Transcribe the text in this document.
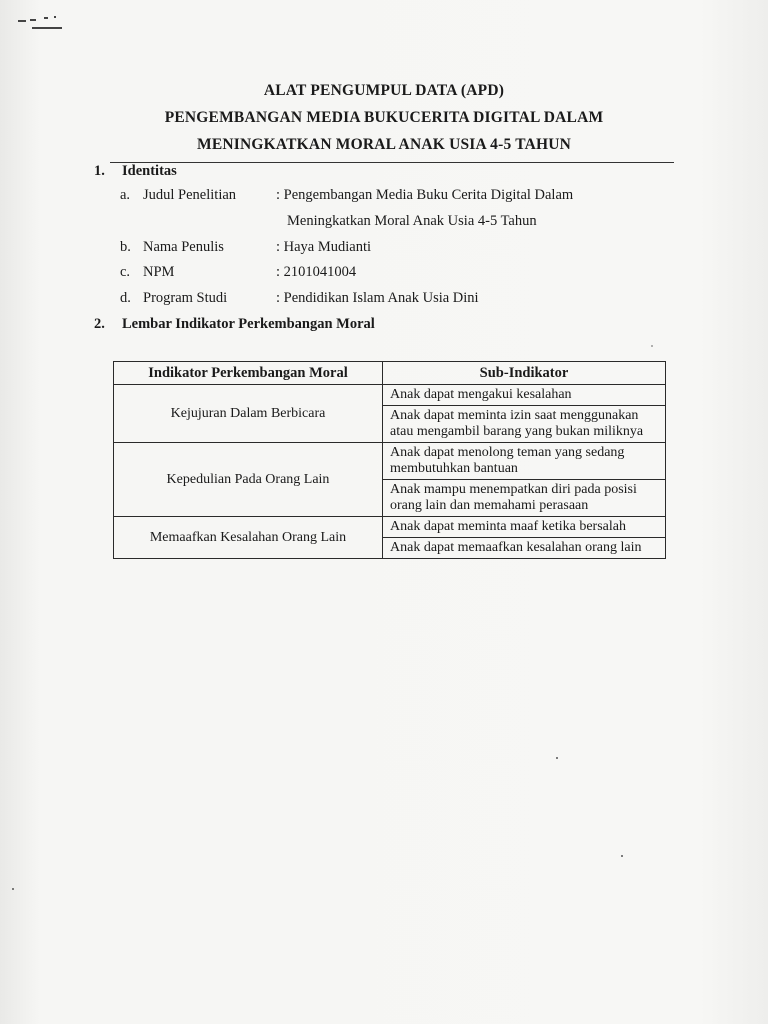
ALAT PENGUMPUL DATA (APD)
PENGEMBANGAN MEDIA BUKUCERITA DIGITAL DALAM
MENINGKATKAN MORAL ANAK USIA 4-5 TAHUN
1. Identitas
a. Judul Penelitian	: Pengembangan Media Buku Cerita Digital Dalam
Meningkatkan Moral Anak Usia 4-5 Tahun
b. Nama Penulis	: Haya Mudianti
c. NPM	: 2101041004
d. Program Studi	: Pendidikan Islam Anak Usia Dini
2. Lembar Indikator Perkembangan Moral
Indikator Perkembangan Moral	Sub-Indikator
Kejujuran Dalam Berbicara	Anak dapat mengakui kesalahan
	Anak dapat meminta izin saat menggunakan atau mengambil barang yang bukan miliknya
Kepedulian Pada Orang Lain	Anak dapat menolong teman yang sedang membutuhkan bantuan
	Anak mampu menempatkan diri pada posisi orang lain dan memahami perasaan
Memaafkan Kesalahan Orang Lain	Anak dapat meminta maaf ketika bersalah
	Anak dapat memaafkan kesalahan orang lain
